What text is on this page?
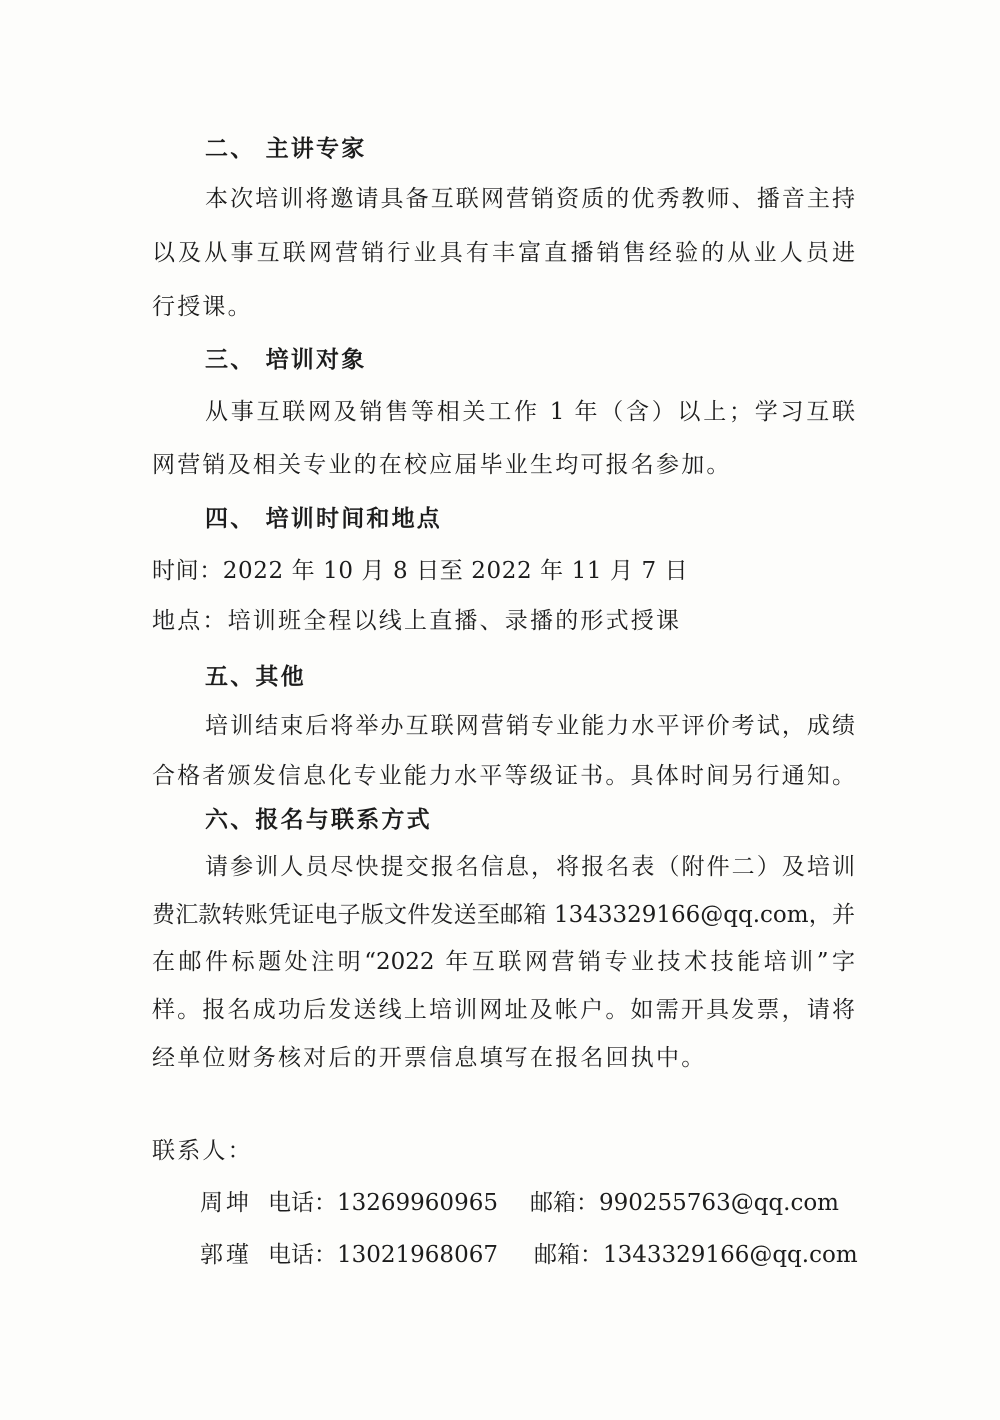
二、 主讲专家
本次培训将邀请具备互联网营销资质的优秀教师、播音主持
以及从事互联网营销行业具有丰富直播销售经验的从业人员进
行授课。
三、 培训对象
从事互联网及销售等相关工作 1 年（含）以上；学习互联
网营销及相关专业的在校应届毕业生均可报名参加。
四、 培训时间和地点
时间：2022 年 10 月 8 日至 2022 年 11 月 7 日
地点：培训班全程以线上直播、录播的形式授课
五、其他
培训结束后将举办互联网营销专业能力水平评价考试，成绩
合格者颁发信息化专业能力水平等级证书。具体时间另行通知。
六、报名与联系方式
请参训人员尽快提交报名信息，将报名表（附件二）及培训
费汇款转账凭证电子版文件发送至邮箱 1343329166@qq.com，并
在邮件标题处注明“2022 年互联网营销专业技术技能培训”字
样。报名成功后发送线上培训网址及帐户。如需开具发票，请将
经单位财务核对后的开票信息填写在报名回执中。
联系人：
周坤 电话：13269960965 邮箱：990255763@qq.com
郭瑾 电话：13021968067 邮箱：1343329166@qq.com
